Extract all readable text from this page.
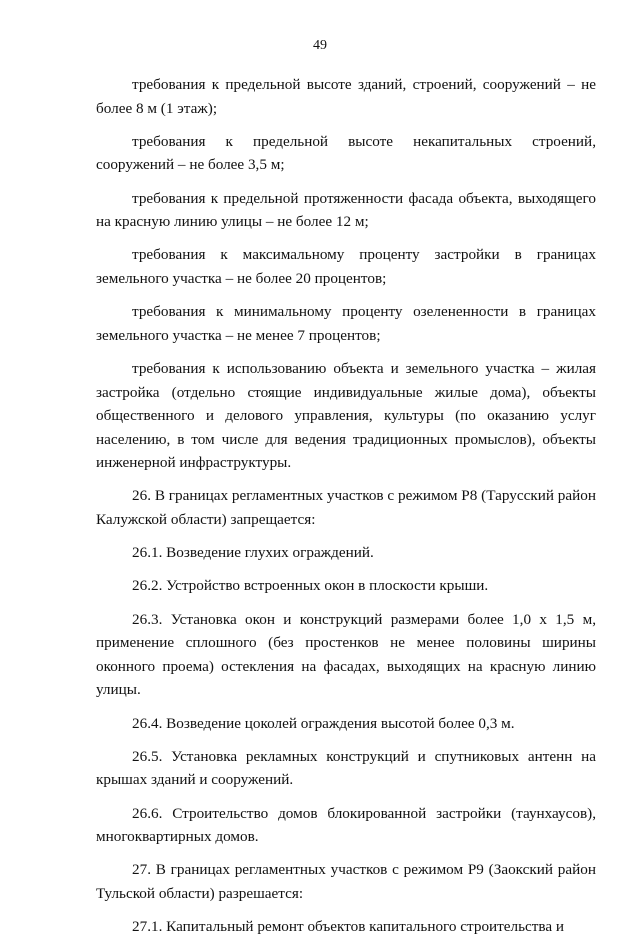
49

требования к предельной высоте зданий, строений, сооружений – не более 8 м (1 этаж);

требования к предельной высоте некапитальных строений, сооружений – не более 3,5 м;

требования к предельной протяженности фасада объекта, выходящего на красную линию улицы – не более 12 м;

требования к максимальному проценту застройки в границах земельного участка – не более 20 процентов;

требования к минимальному проценту озелененности в границах земельного участка – не менее 7 процентов;

требования к использованию объекта и земельного участка – жилая застройка (отдельно стоящие индивидуальные жилые дома), объекты общественного и делового управления, культуры (по оказанию услуг населению, в том числе для ведения традиционных промыслов), объекты инженерной инфраструктуры.

26. В границах регламентных участков с режимом Р8 (Тарусский район Калужской области) запрещается:

26.1. Возведение глухих ограждений.

26.2. Устройство встроенных окон в плоскости крыши.

26.3. Установка окон и конструкций размерами более 1,0 х 1,5 м, применение сплошного (без простенков не менее половины ширины оконного проема) остекления на фасадах, выходящих на красную линию улицы.

26.4. Возведение цоколей ограждения высотой более 0,3 м.

26.5. Установка рекламных конструкций и спутниковых антенн на крышах зданий и сооружений.

26.6. Строительство домов блокированной застройки (таунхаусов), многоквартирных домов.

27. В границах регламентных участков с режимом Р9 (Заокский район Тульской области) разрешается:

27.1. Капитальный ремонт объектов капитального строительства и
